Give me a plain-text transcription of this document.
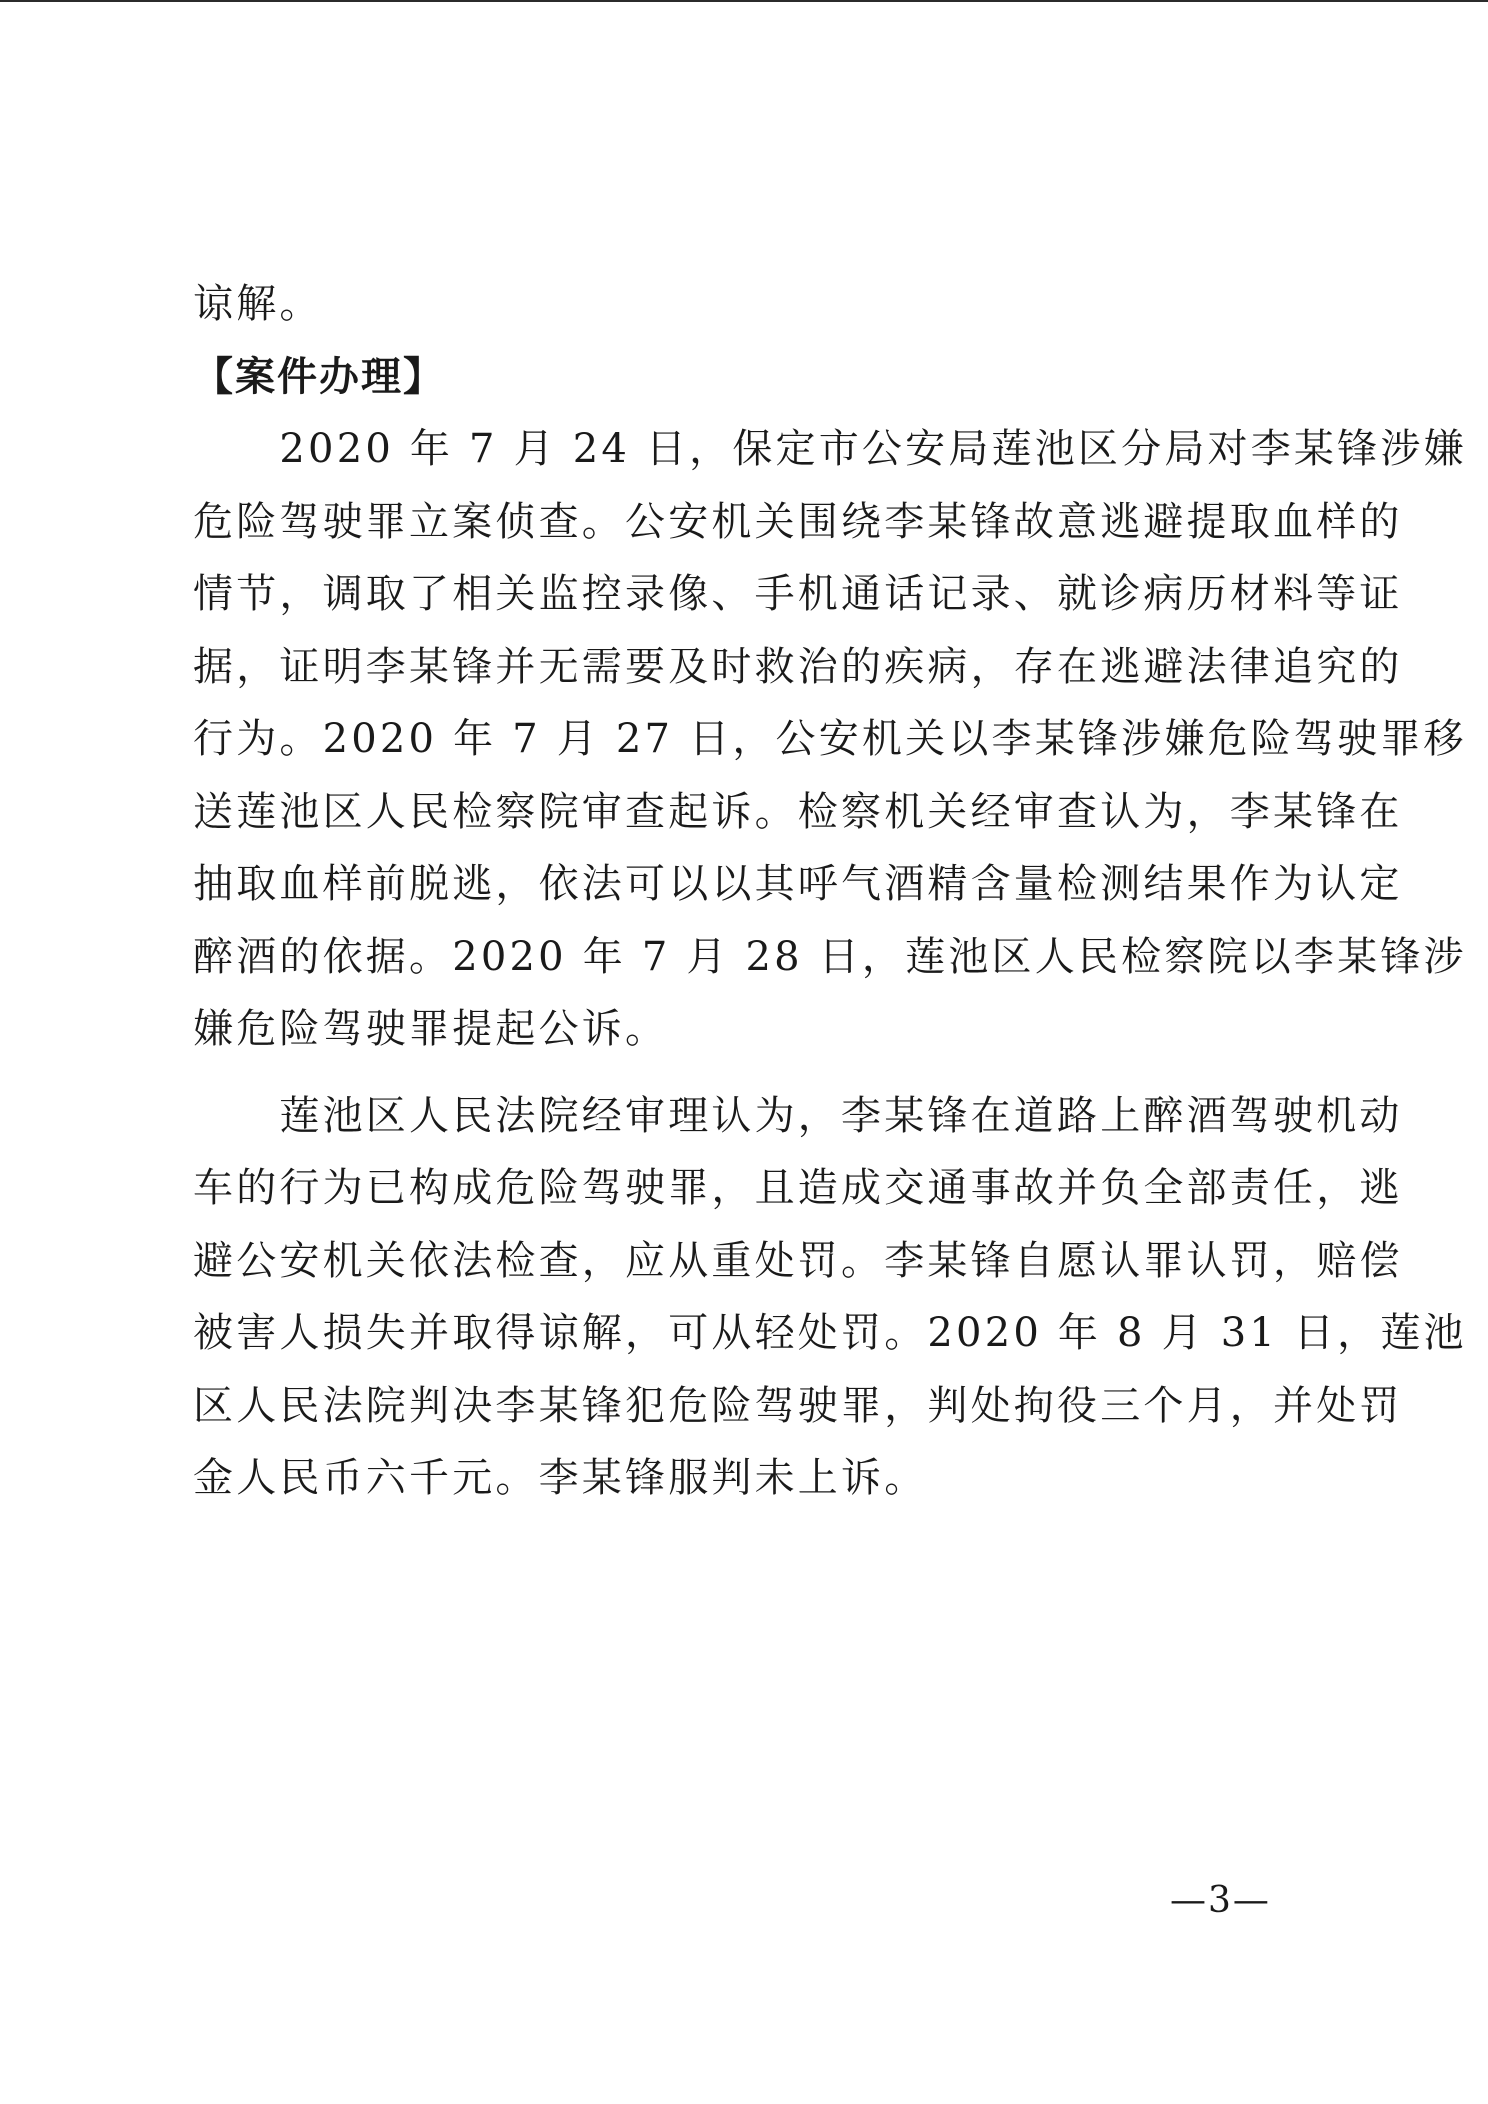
谅解。
【案件办理】
　　2020 年 7 月 24 日，保定市公安局莲池区分局对李某锋涉嫌
危险驾驶罪立案侦查。公安机关围绕李某锋故意逃避提取血样的
情节，调取了相关监控录像、手机通话记录、就诊病历材料等证
据，证明李某锋并无需要及时救治的疾病，存在逃避法律追究的
行为。2020 年 7 月 27 日，公安机关以李某锋涉嫌危险驾驶罪移
送莲池区人民检察院审查起诉。检察机关经审查认为，李某锋在
抽取血样前脱逃，依法可以以其呼气酒精含量检测结果作为认定
醉酒的依据。2020 年 7 月 28 日，莲池区人民检察院以李某锋涉
嫌危险驾驶罪提起公诉。
　　莲池区人民法院经审理认为，李某锋在道路上醉酒驾驶机动
车的行为已构成危险驾驶罪，且造成交通事故并负全部责任，逃
避公安机关依法检查，应从重处罚。李某锋自愿认罪认罚，赔偿
被害人损失并取得谅解，可从轻处罚。2020 年 8 月 31 日，莲池
区人民法院判决李某锋犯危险驾驶罪，判处拘役三个月，并处罚
金人民币六千元。李某锋服判未上诉。
—3—
